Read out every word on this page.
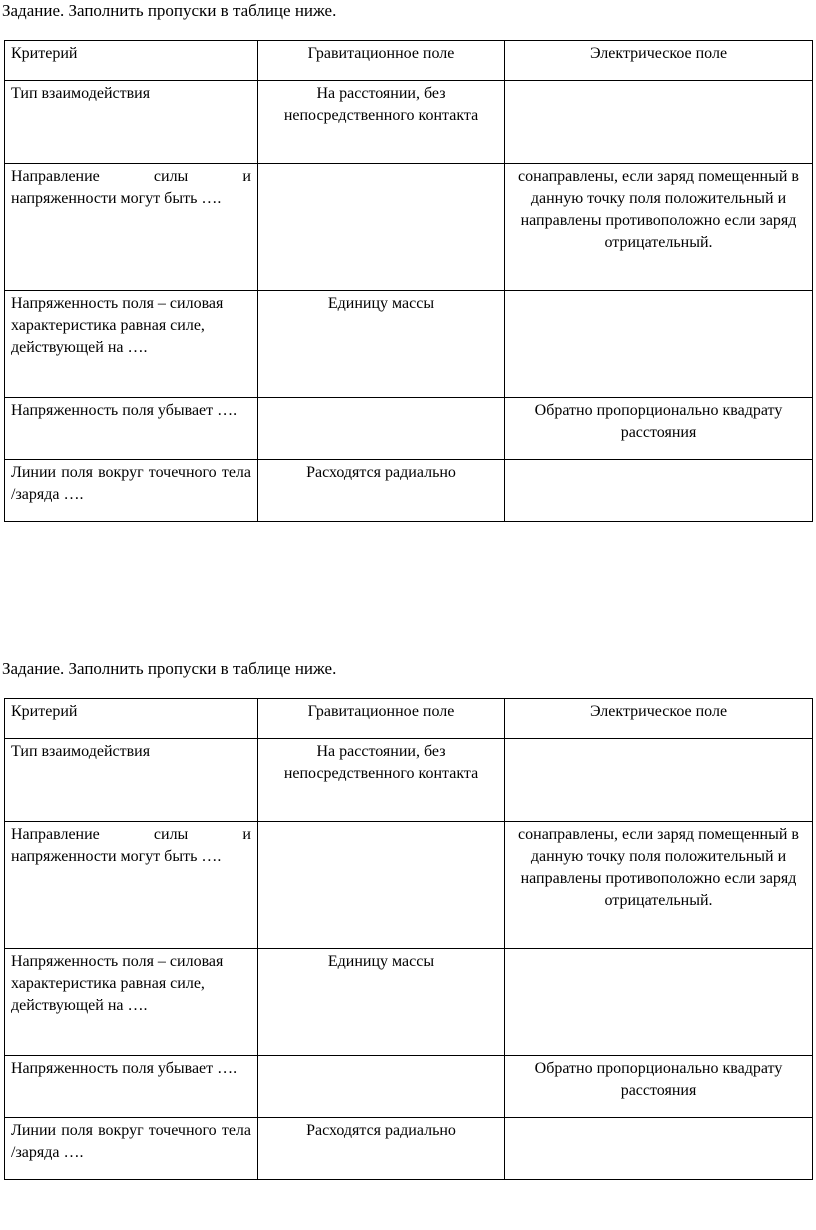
Задание. Заполнить пропуски в таблице ниже.
Критерий	Гравитационное поле	Электрическое поле
Тип взаимодействия	На расстоянии, без непосредственного контакта	
Направление силы и напряженности могут быть ….		сонаправлены, если заряд помещенный в данную точку поля положительный и направлены противоположно если заряд отрицательный.
Напряженность поля – силовая характеристика равная силе, действующей на ….	Единицу массы	
Напряженность поля убывает ….		Обратно пропорционально квадрату расстояния
Линии поля вокруг точечного тела /заряда ….	Расходятся радиально	
Задание. Заполнить пропуски в таблице ниже.
Критерий	Гравитационное поле	Электрическое поле
Тип взаимодействия	На расстоянии, без непосредственного контакта	
Направление силы и напряженности могут быть ….		сонаправлены, если заряд помещенный в данную точку поля положительный и направлены противоположно если заряд отрицательный.
Напряженность поля – силовая характеристика равная силе, действующей на ….	Единицу массы	
Напряженность поля убывает ….		Обратно пропорционально квадрату расстояния
Линии поля вокруг точечного тела /заряда ….	Расходятся радиально	
